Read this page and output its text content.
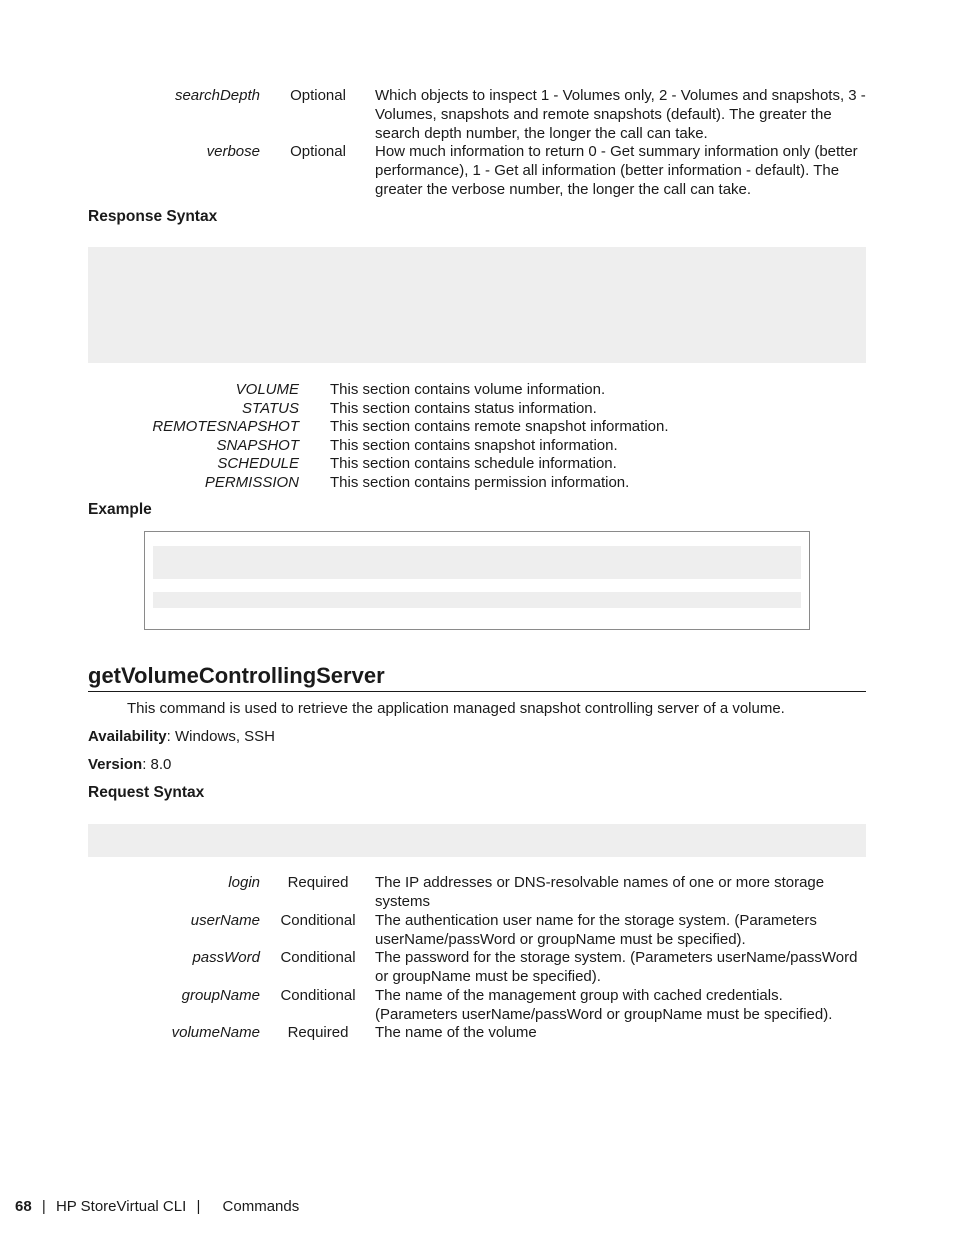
searchDepth	Optional	Which objects to inspect 1 - Volumes only, 2 - Volumes and snapshots, 3 - Volumes, snapshots and remote snapshots (default). The greater the search depth number, the longer the call can take.
verbose	Optional	How much information to return 0 - Get summary information only (better performance), 1 - Get all information (better information - default). The greater the verbose number, the longer the call can take.
Response Syntax
VOLUME This section contains volume information.
STATUS This section contains status information.
REMOTESNAPSHOT This section contains remote snapshot information.
SNAPSHOT This section contains snapshot information.
SCHEDULE This section contains schedule information.
PERMISSION This section contains permission information.
Example
getVolumeControllingServer
This command is used to retrieve the application managed snapshot controlling server of a volume.
Availability: Windows, SSH
Version: 8.0
Request Syntax
login	Required	The IP addresses or DNS-resolvable names of one or more storage systems
userName	Conditional	The authentication user name for the storage system. (Parameters userName/passWord or groupName must be specified).
passWord	Conditional	The password for the storage system. (Parameters userName/passWord or groupName must be specified).
groupName	Conditional	The name of the management group with cached credentials. (Parameters userName/passWord or groupName must be specified).
volumeName	Required	The name of the volume
68 | HP StoreVirtual CLI | Commands
